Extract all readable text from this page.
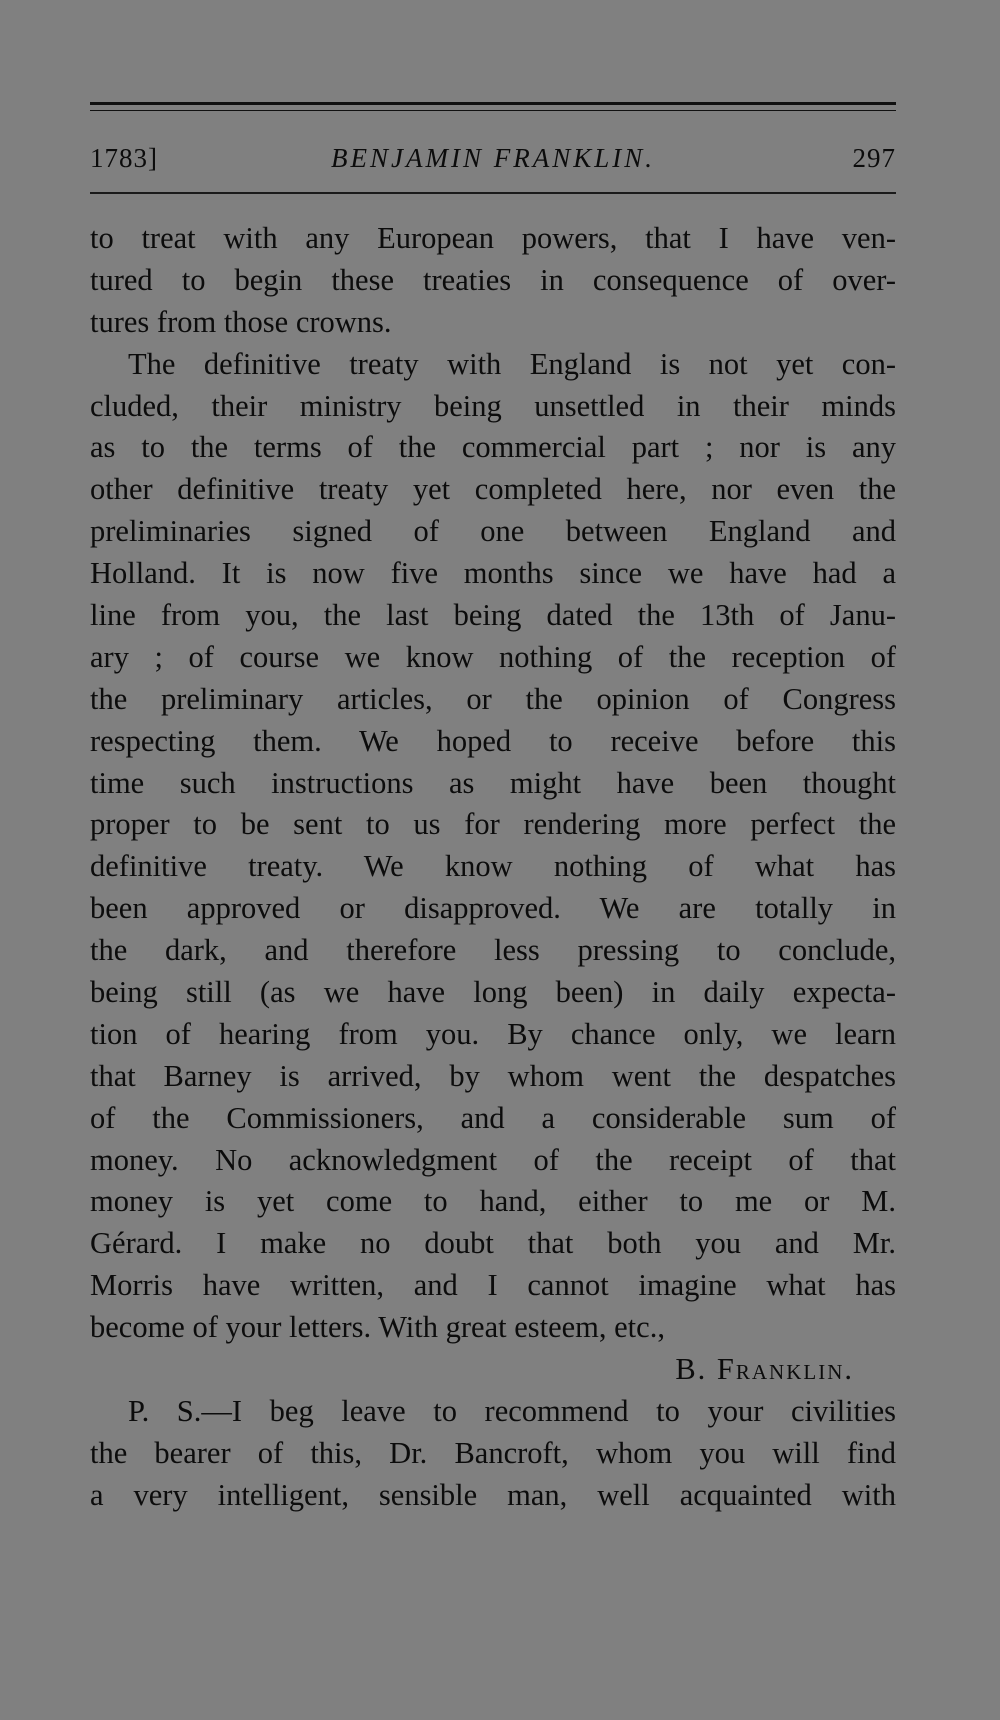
1783]	BENJAMIN FRANKLIN.	297
to treat with any European powers, that I have ven-
tured to begin these treaties in consequence of over-
tures from those crowns.
The definitive treaty with England is not yet con-
cluded, their ministry being unsettled in their minds
as to the terms of the commercial part ; nor is any
other definitive treaty yet completed here, nor even the
preliminaries signed of one between England and
Holland. It is now five months since we have had a
line from you, the last being dated the 13th of Janu-
ary ; of course we know nothing of the reception of
the preliminary articles, or the opinion of Congress
respecting them. We hoped to receive before this
time such instructions as might have been thought
proper to be sent to us for rendering more perfect the
definitive treaty. We know nothing of what has
been approved or disapproved. We are totally in
the dark, and therefore less pressing to conclude,
being still (as we have long been) in daily expecta-
tion of hearing from you. By chance only, we learn
that Barney is arrived, by whom went the despatches
of the Commissioners, and a considerable sum of
money. No acknowledgment of the receipt of that
money is yet come to hand, either to me or M.
Gérard. I make no doubt that both you and Mr.
Morris have written, and I cannot imagine what has
become of your letters. With great esteem, etc.,
B. Franklin.
P. S.—I beg leave to recommend to your civilities
the bearer of this, Dr. Bancroft, whom you will find
a very intelligent, sensible man, well acquainted with
